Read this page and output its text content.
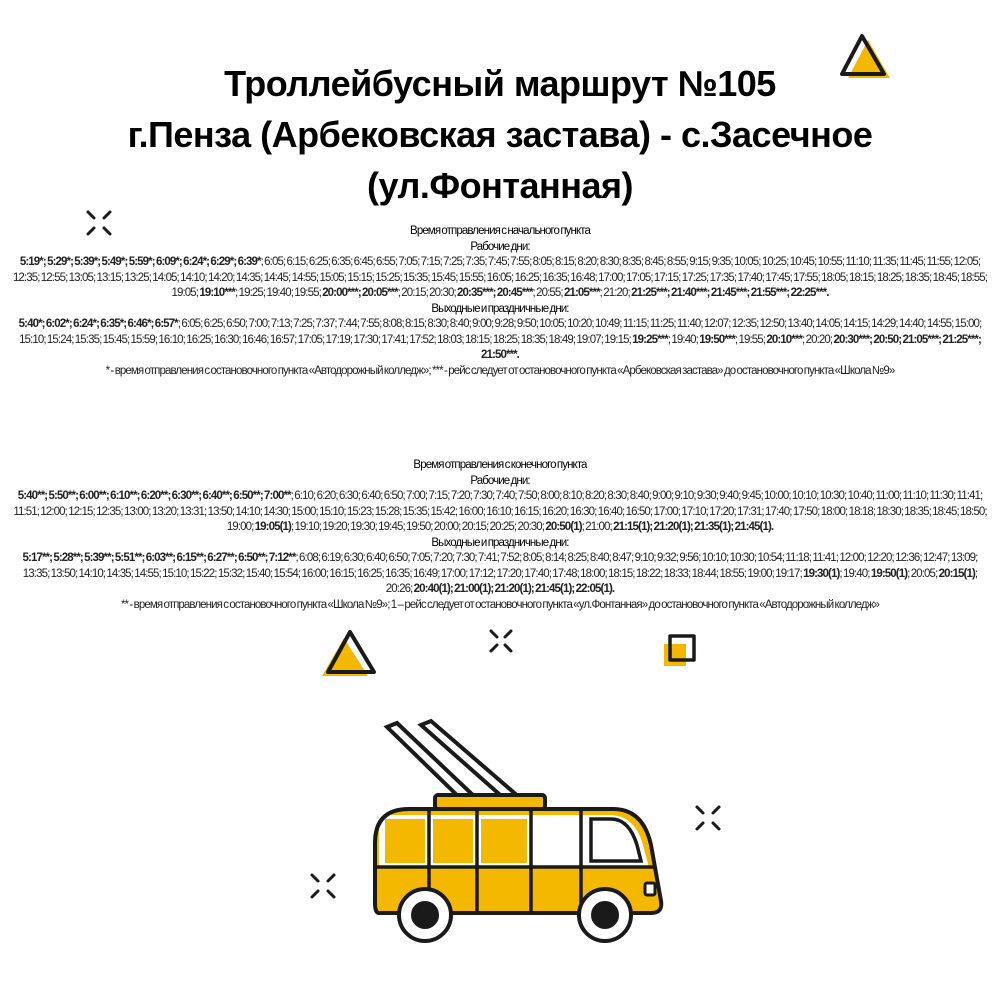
Троллейбусный маршрут №105
г.Пенза (Арбековская застава) - с.Засечное
(ул.Фонтанная)
Время отправления с начального пункта
Рабочие дни:
5:19*; 5:29*; 5:39*; 5:49*; 5:59*; 6:09*; 6:24*; 6:29*; 6:39*; 6:05; 6:15; 6:25; 6:35; 6:45; 6:55; 7:05; 7:15; 7:25; 7:35; 7:45; 7:55; 8:05; 8:15; 8:20; 8:30; 8:35; 8:45; 8:55; 9:15; 9:35; 10:05; 10:25; 10:45; 10:55; 11:10; 11:35; 11:45; 11:55; 12:05; 12:35; 12:55; 13:05; 13:15; 13:25; 14:05; 14:10; 14:20; 14:35; 14:45; 14:55; 15:05; 15:15; 15:25; 15:35; 15:45; 15:55; 16:05; 16:25; 16:35; 16:48; 17:00; 17:05; 17:15; 17:25; 17:35; 17:40; 17:45; 17:55; 18:05; 18:15; 18:25; 18:35; 18:45; 18:55; 19:05; 19:10***; 19:25; 19:40; 19:55; 20:00***; 20:05***; 20:15; 20:30; 20:35***; 20:45***; 20:55; 21:05***; 21:20; 21:25***; 21:40***; 21:45***; 21:55***; 22:25***.
Выходные и праздничные дни:
5:40*; 6:02*; 6:24*; 6:35*; 6:46*; 6:57*; 6:05; 6:25; 6:50; 7:00; 7:13; 7:25; 7:37; 7:44; 7:55; 8:08; 8:15; 8:30; 8:40; 9:00; 9:28; 9:50; 10:05; 10:20; 10:49; 11:15; 11:25; 11:40; 12:07; 12:35; 12:50; 13:40; 14:05; 14:15; 14:29; 14:40; 14:55; 15:00; 15:10; 15:24; 15:35; 15:45; 15:59; 16:10; 16:25; 16:30; 16:46; 16:57; 17:05; 17:19; 17:30; 17:41; 17:52; 18:03; 18:15; 18:25; 18:35; 18:49; 19:07; 19:15; 19:25***; 19:40; 19:50***; 19:55; 20:10***; 20:20; 20:30***; 20:50; 21:05***; 21:25***; 21:50***.
* - время отправления с остановочного пункта «Автодорожный колледж»; *** - рейс следует от остановочного пункта «Арбековская застава» до остановочного пункта «Школа №9»
Время отправления с конечного пункта
Рабочие дни:
5:40**; 5:50**; 6:00**; 6:10**; 6:20**; 6:30**; 6:40**; 6:50**; 7:00**; 6:10; 6:20; 6:30; 6:40; 6:50; 7:00; 7:15; 7:20; 7:30; 7:40; 7:50; 8:00; 8:10; 8:20; 8:30; 8:40; 9:00; 9:10; 9:30; 9:40; 9:45; 10:00; 10:10; 10:30; 10:40; 11:00; 11:10; 11:30; 11:41; 11:51; 12:00; 12:15; 12:35; 13:00; 13:20; 13:31; 13:50; 14:10; 14:30; 15:00; 15:10; 15:23; 15:28; 15:35; 15:42; 16:00; 16:10; 16:15; 16:20; 16:30; 16:40; 16:50; 17:00; 17:10; 17:20; 17:31; 17:40; 17:50; 18:00; 18:18; 18:30; 18:35; 18:45; 18:50; 19:00; 19:05(1); 19:10; 19:20; 19:30; 19:45; 19:50; 20:00; 20:15; 20:25; 20:30; 20:50(1); 21:00; 21:15(1); 21:20(1); 21:35(1); 21:45(1).
Выходные и праздничные дни:
5:17**; 5:28**; 5:39**; 5:51**; 6:03**; 6:15**; 6:27**; 6:50**; 7:12**; 6:08; 6:19; 6:30; 6:40; 6:50; 7:05; 7:20; 7:30; 7:41; 7:52; 8:05; 8:14; 8:25; 8:40; 8:47; 9:10; 9:32; 9:56; 10:10; 10:30; 10:54; 11:18; 11:41; 12:00; 12:20; 12:36; 12:47; 13:09; 13:35; 13:50; 14:10; 14:35; 14:55; 15:10; 15:22; 15:32; 15:40; 15:54; 16:00; 16:15; 16:25; 16:35; 16:49; 17:00; 17:12; 17:20; 17:40; 17:48; 18:00; 18:15; 18:22; 18:33; 18:44; 18:55; 19:00; 19:17; 19:30(1); 19:40; 19:50(1); 20:05; 20:15(1); 20:26; 20:40(1); 21:00(1); 21:20(1); 21:45(1); 22:05(1).
** - время отправления с остановочного пункта «Школа №9»; 1 – рейс следует от остановочного пункта «ул.Фонтанная» до остановочного пункта «Автодорожный колледж»
